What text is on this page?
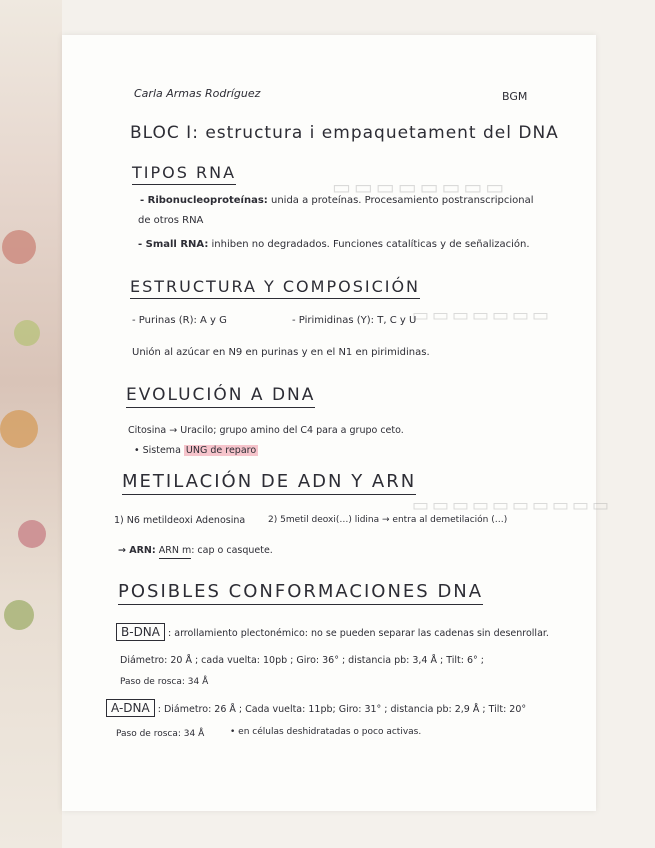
▭▭▭▭▭▭▭▭
▭▭▭▭▭▭▭
▭▭▭▭▭▭▭▭▭▭
Carla Armas Rodríguez	BGM
BLOC I: estructura i empaquetament del DNA
TIPOS RNA
- Ribonucleoproteínas: unida a proteínas. Procesamiento postranscripcional
de otros RNA
- Small RNA: inhiben no degradados. Funciones catalíticas y de señalización.
ESTRUCTURA Y COMPOSICIÓN
- Purinas (R): A y G	- Pirimidinas (Y): T, C y U
Unión al azúcar en N9 en purinas y en el N1 en pirimidinas.
EVOLUCIÓN A DNA
Citosina → Uracilo; grupo amino del C4 para a grupo ceto.
• Sistema UNG de reparo
METILACIÓN DE ADN Y ARN
1) N6 metildeoxi Adenosina	2) 5metil deoxi(…) lidina → entra al demetilación (…)
→ ARN: ARN m: cap o casquete.
POSIBLES CONFORMACIONES DNA
B-DNA : arrollamiento plectonémico: no se pueden separar las cadenas sin desenrollar.
Diámetro: 20 Å ; cada vuelta: 10pb ; Giro: 36° ; distancia pb: 3,4 Å ; Tilt: 6° ;
Paso de rosca: 34 Å
A-DNA : Diámetro: 26 Å ; Cada vuelta: 11pb; Giro: 31° ; distancia pb: 2,9 Å ; Tilt: 20°
Paso de rosca: 34 Å	• en células deshidratadas o poco activas.
